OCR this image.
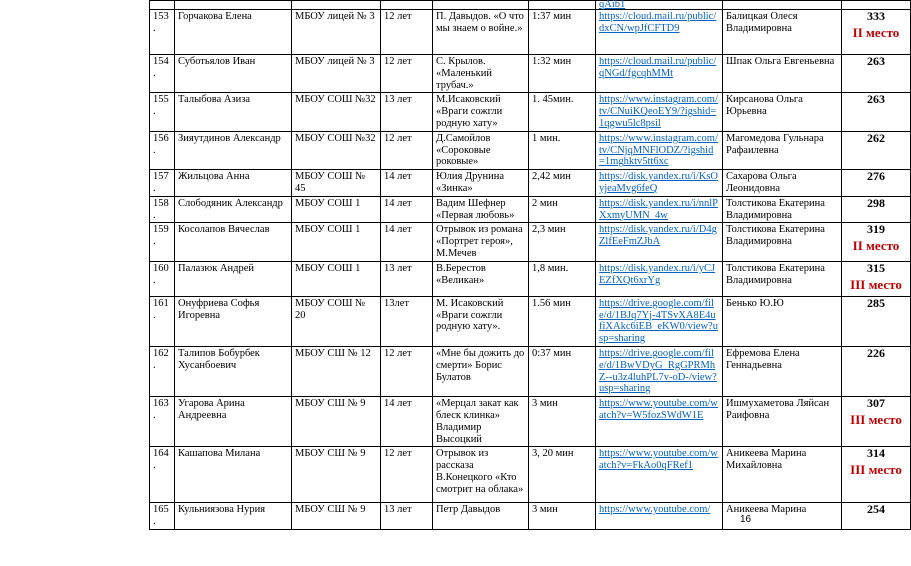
						qAib1		
153.	Горчакова Елена	МБОУ лицей № 3	12 лет	П. Давыдов. «О что мы знаем о войне.»	1:37 мин	https://cloud.mail.ru/public/dxCN/wpJfCFTD9	Балицкая Олеся Владимировна	333
II место

154.	Суботьялов Иван	МБОУ лицей № 3	12 лет	С. Крылов. «Маленький трубач.»	1:32 мин	https://cloud.mail.ru/public/qNGd/fgcqhMMt	Шпак Ольга Евгеньевна	263

155.	Талыбова Азиза	МБОУ СОШ №32	13 лет	М.Исаковский «Враги сожгли родную хату»	1. 45мин.	https://www.instagram.com/tv/CNuiKQeoEY9/?igshid=1qgwu5lc8psil	Кирсанова Ольга Юрьевна	263

156.	Зияутдинов Александр	МБОУ СОШ №32	12 лет	Д.Самойлов «Сороковые роковые»	1 мин.	https://www.instagram.com/tv/CNjqMNFlODZ/?igshid=1mghktv5tt6xc	Магомедова Гульнара Рафаилевна	262

157.	Жильцова Анна	МБОУ СОШ № 45	14 лет	Юлия Друнина «Зинка»	2,42 мин	https://disk.yandex.ru/i/KsOyjeaMvg6feQ	Сахарова Ольга Леонидовна	276

158.	Слободяник Александр	МБОУ СОШ 1	14 лет	Вадим Шефнер «Первая любовь»	2 мин	https://disk.yandex.ru/i/nnlPXxmyUMN_4w	Толстикова Екатерина Владимировна	298

159.	Косолапов Вячеслав	МБОУ СОШ 1	14 лет	Отрывок из романа «Портрет героя», М.Мечев	2,3 мин	https://disk.yandex.ru/i/D4gZlfEeFmZJbA	Толстикова Екатерина Владимировна	319
II место

160.	Палазюк Андрей	МБОУ СОШ 1	13 лет	В.Берестов «Великан»	1,8 мин.	https://disk.yandex.ru/i/yCJEZfXQt6xrYg	Толстикова Екатерина Владимировна	315
III место

161.	Онуфриева Софья Игоревна	МБОУ СОШ № 20	13лет	М. Исаковский «Враги сожгли родную хату».	1.56 мин	https://drive.google.com/file/d/1BJq7Yj-4TSvXA8E4ufiXAkc6iEB_eKW0/view?usp=sharing	Бенько Ю.Ю	285

162.	Талипов Бобурбек Хусанбоевич	МБОУ СШ № 12	12 лет	«Мне бы дожить до смерти» Борис Булатов	0:37 мин	https://drive.google.com/file/d/1BwVDyG_RgGPRMhZ--u3z4luhPL7v-oD-/view?usp=sharing	Ефремова Елена Геннадьевна	226

163.	Угарова Арина Андреевна	МБОУ СШ № 9	14 лет	«Мерцал закат как блеск клинка» Владимир Высоцкий	3 мин	https://www.youtube.com/watch?v=W5fozSWdW1E	Ишмухаметова Ляйсан Раифовна	307
III место

164.	Кашапова Милана	МБОУ СШ № 9	12 лет	Отрывок из рассказа В.Конецкого «Кто смотрит на облака»	3, 20 мин	https://www.youtube.com/watch?v=FkAo0qFRef1	Аникеева Марина Михайловна	314
III место

165.	Кульниязова Нурия	МБОУ СШ № 9	13 лет	Петр Давыдов	3 мин	https://www.youtube.com/	Аникеева Марина	254
16
